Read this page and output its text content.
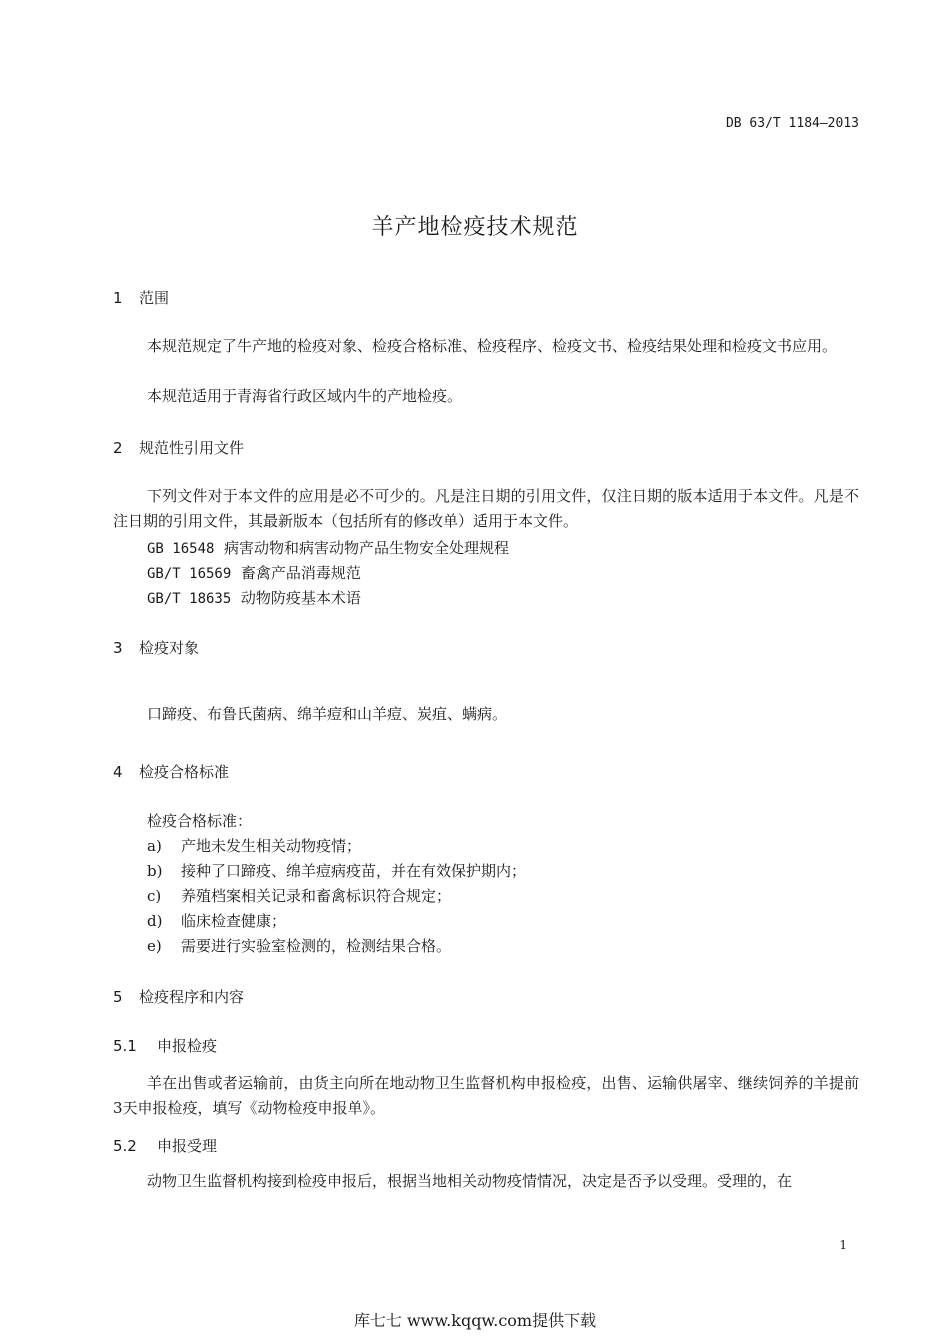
DB 63/T 1184—2013
羊产地检疫技术规范
1 范围
本规范规定了牛产地的检疫对象、检疫合格标准、检疫程序、检疫文书、检疫结果处理和检疫文书应用。
本规范适用于青海省行政区域内牛的产地检疫。
2 规范性引用文件
下列文件对于本文件的应用是必不可少的。凡是注日期的引用文件，仅注日期的版本适用于本文件。凡是不注日期的引用文件，其最新版本（包括所有的修改单）适用于本文件。
GB 16548 病害动物和病害动物产品生物安全处理规程
GB/T 16569 畜禽产品消毒规范
GB/T 18635 动物防疫基本术语
3 检疫对象
口蹄疫、布鲁氏菌病、绵羊痘和山羊痘、炭疽、螨病。
4 检疫合格标准
检疫合格标准：
a) 产地未发生相关动物疫情；
b) 接种了口蹄疫、绵羊痘病疫苗，并在有效保护期内；
c) 养殖档案相关记录和畜禽标识符合规定；
d) 临床检查健康；
e) 需要进行实验室检测的，检测结果合格。
5 检疫程序和内容
5.1 申报检疫
羊在出售或者运输前，由货主向所在地动物卫生监督机构申报检疫，出售、运输供屠宰、继续饲养的羊提前3天申报检疫，填写《动物检疫申报单》。
5.2 申报受理
动物卫生监督机构接到检疫申报后，根据当地相关动物疫情情况，决定是否予以受理。受理的，在
1
库七七 www.kqqw.com提供下载
